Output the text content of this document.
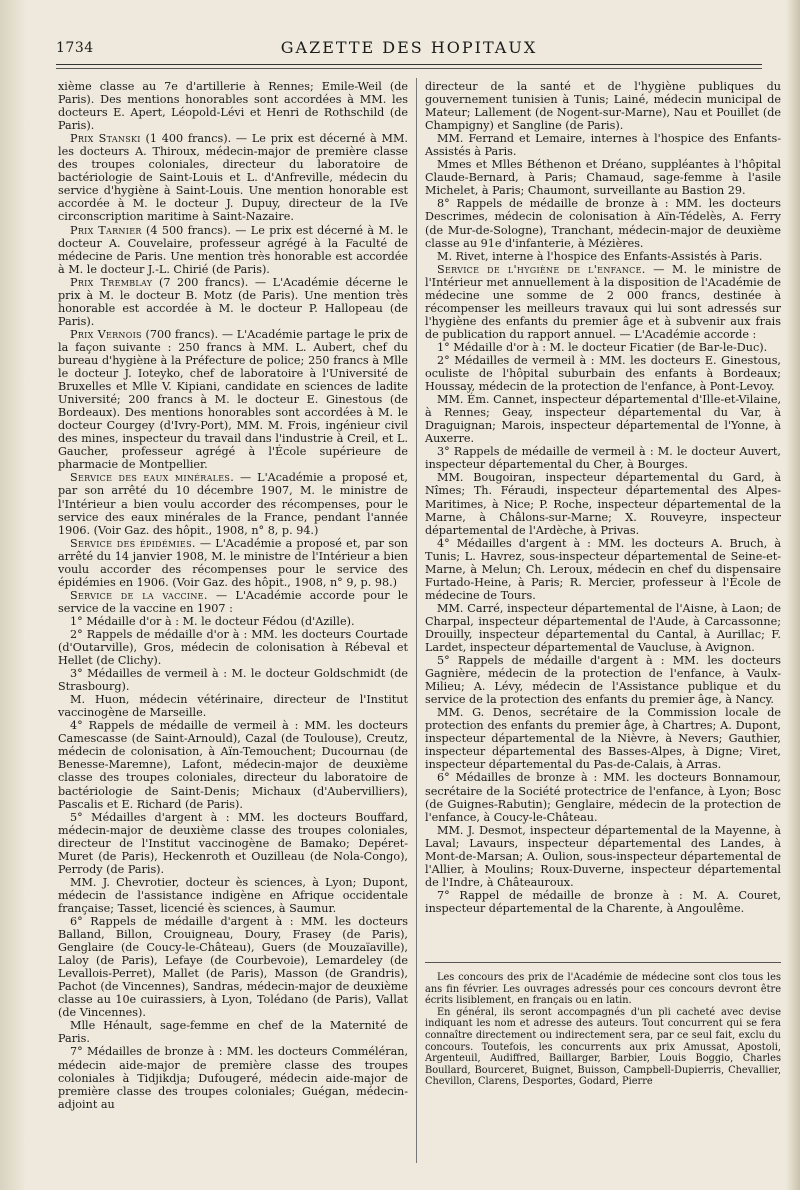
1734	GAZETTE DES HOPITAUX

xième classe au 7e d'artillerie à Rennes; Emile-Weil (de Paris). Des mentions honorables sont accordées à MM. les docteurs E. Apert, Léopold-Lévi et Henri de Rothschild (de Paris).

Prix Stanski (1 400 francs). — Le prix est décerné à MM. les docteurs A. Thiroux, médecin-major de première classe des troupes coloniales, directeur du laboratoire de bactériologie de Saint-Louis et L. d'Anfreville, médecin du service d'hygiène à Saint-Louis. Une mention honorable est accordée à M. le docteur J. Dupuy, directeur de la IVe circonscription maritime à Saint-Nazaire.

Prix Tarnier (4 500 francs). — Le prix est décerné à M. le docteur A. Couvelaire, professeur agrégé à la Faculté de médecine de Paris. Une mention très honorable est accordée à M. le docteur J.-L. Chirié (de Paris).

Prix Tremblay (7 200 francs). — L'Académie décerne le prix à M. le docteur B. Motz (de Paris). Une mention très honorable est accordée à M. le docteur P. Hallopeau (de Paris).

Prix Vernois (700 francs). — L'Académie partage le prix de la façon suivante : 250 francs à MM. L. Aubert, chef du bureau d'hygiène à la Préfecture de police; 250 francs à Mlle le docteur J. Ioteyko, chef de laboratoire à l'Université de Bruxelles et Mlle V. Kipiani, candidate en sciences de ladite Université; 200 francs à M. le docteur E. Ginestous (de Bordeaux). Des mentions honorables sont accordées à M. le docteur Courgey (d'Ivry-Port), MM. M. Frois, ingénieur civil des mines, inspecteur du travail dans l'industrie à Creil, et L. Gaucher, professeur agrégé à l'École supérieure de pharmacie de Montpellier.

Service des eaux minérales. — L'Académie a proposé et, par son arrêté du 10 décembre 1907, M. le ministre de l'Intérieur a bien voulu accorder des récompenses, pour le service des eaux minérales de la France, pendant l'année 1906. (Voir Gaz. des hôpit., 1908, n° 8, p. 94.)

Service des épidémies. — L'Académie a proposé et, par son arrêté du 14 janvier 1908, M. le ministre de l'Intérieur a bien voulu accorder des récompenses pour le service des épidémies en 1906. (Voir Gaz. des hôpit., 1908, n° 9, p. 98.)

Service de la vaccine. — L'Académie accorde pour le service de la vaccine en 1907 :

1° Médaille d'or à : M. le docteur Fédou (d'Azille).

2° Rappels de médaille d'or à : MM. les docteurs Courtade (d'Outarville), Gros, médecin de colonisation à Rébeval et Hellet (de Clichy).

3° Médailles de vermeil à : M. le docteur Goldschmidt (de Strasbourg).

M. Huon, médecin vétérinaire, directeur de l'Institut vaccinogène de Marseille.

4° Rappels de médaille de vermeil à : MM. les docteurs Camescasse (de Saint-Arnould), Cazal (de Toulouse), Creutz, médecin de colonisation, à Aïn-Temouchent; Ducournau (de Benesse-Maremne), Lafont, médecin-major de deuxième classe des troupes coloniales, directeur du laboratoire de bactériologie de Saint-Denis; Michaux (d'Aubervilliers), Pascalis et E. Richard (de Paris).

5° Médailles d'argent à : MM. les docteurs Bouffard, médecin-major de deuxième classe des troupes coloniales, directeur de l'Institut vaccinogène de Bamako; Depéret-Muret (de Paris), Heckenroth et Ouzilleau (de Nola-Congo), Perrody (de Paris).

MM. J. Chevrotier, docteur ès sciences, à Lyon; Dupont, médecin de l'assistance indigène en Afrique occidentale française; Tasset, licencié ès sciences, à Saumur.

6° Rappels de médaille d'argent à : MM. les docteurs Balland, Billon, Crouigneau, Doury, Frasey (de Paris), Genglaire (de Coucy-le-Château), Guers (de Mouzaïaville), Laloy (de Paris), Lefaye (de Courbevoie), Lemardeley (de Levallois-Perret), Mallet (de Paris), Masson (de Grandris), Pachot (de Vincennes), Sandras, médecin-major de deuxième classe au 10e cuirassiers, à Lyon, Tolédano (de Paris), Vallat (de Vincennes).

Mlle Hénault, sage-femme en chef de la Maternité de Paris.

7° Médailles de bronze à : MM. les docteurs Comméléran, médecin aide-major de première classe des troupes coloniales à Tidjikdja; Dufougeré, médecin aide-major de première classe des troupes coloniales; Guégan, médecin-adjoint au

directeur de la santé et de l'hygiène publiques du gouvernement tunisien à Tunis; Lainé, médecin municipal de Mateur; Lallement (de Nogent-sur-Marne), Nau et Pouillet (de Champigny) et Sangline (de Paris).

MM. Ferrand et Lemaire, internes à l'hospice des Enfants-Assistés à Paris.

Mmes et Mlles Béthenon et Dréano, suppléantes à l'hôpital Claude-Bernard, à Paris; Chamaud, sage-femme à l'asile Michelet, à Paris; Chaumont, surveillante au Bastion 29.

8° Rappels de médaille de bronze à : MM. les docteurs Descrimes, médecin de colonisation à Aïn-Tédelès, A. Ferry (de Mur-de-Sologne), Tranchant, médecin-major de deuxième classe au 91e d'infanterie, à Mézières.

M. Rivet, interne à l'hospice des Enfants-Assistés à Paris.

Service de l'hygiène de l'enfance. — M. le ministre de l'Intérieur met annuellement à la disposition de l'Académie de médecine une somme de 2 000 francs, destinée à récompenser les meilleurs travaux qui lui sont adressés sur l'hygiène des enfants du premier âge et à subvenir aux frais de publication du rapport annuel. — L'Académie accorde :

1° Médaille d'or à : M. le docteur Ficatier (de Bar-le-Duc).

2° Médailles de vermeil à : MM. les docteurs E. Ginestous, oculiste de l'hôpital suburbain des enfants à Bordeaux; Houssay, médecin de la protection de l'enfance, à Pont-Levoy.

MM. Ém. Cannet, inspecteur départemental d'Ille-et-Vilaine, à Rennes; Geay, inspecteur départemental du Var, à Draguignan; Marois, inspecteur départemental de l'Yonne, à Auxerre.

3° Rappels de médaille de vermeil à : M. le docteur Auvert, inspecteur départemental du Cher, à Bourges.

MM. Bougoiran, inspecteur départemental du Gard, à Nîmes; Th. Féraudi, inspecteur départemental des Alpes-Maritimes, à Nice; P. Roche, inspecteur départemental de la Marne, à Châlons-sur-Marne; X. Rouveyre, inspecteur départemental de l'Ardèche, à Privas.

4° Médailles d'argent à : MM. les docteurs A. Bruch, à Tunis; L. Havrez, sous-inspecteur départemental de Seine-et-Marne, à Melun; Ch. Leroux, médecin en chef du dispensaire Furtado-Heine, à Paris; R. Mercier, professeur à l'École de médecine de Tours.

MM. Carré, inspecteur départemental de l'Aisne, à Laon; de Charpal, inspecteur départemental de l'Aude, à Carcassonne; Drouilly, inspecteur départemental du Cantal, à Aurillac; F. Lardet, inspecteur départemental de Vaucluse, à Avignon.

5° Rappels de médaille d'argent à : MM. les docteurs Gagnière, médecin de la protection de l'enfance, à Vaulx-Milieu; A. Lévy, médecin de l'Assistance publique et du service de la protection des enfants du premier âge, à Nancy.

MM. G. Denos, secrétaire de la Commission locale de protection des enfants du premier âge, à Chartres; A. Dupont, inspecteur départemental de la Nièvre, à Nevers; Gauthier, inspecteur départemental des Basses-Alpes, à Digne; Viret, inspecteur départemental du Pas-de-Calais, à Arras.

6° Médailles de bronze à : MM. les docteurs Bonnamour, secrétaire de la Société protectrice de l'enfance, à Lyon; Bosc (de Guignes-Rabutin); Genglaire, médecin de la protection de l'enfance, à Coucy-le-Château.

MM. J. Desmot, inspecteur départemental de la Mayenne, à Laval; Lavaurs, inspecteur départemental des Landes, à Mont-de-Marsan; A. Oulion, sous-inspecteur départemental de l'Allier, à Moulins; Roux-Duverne, inspecteur départemental de l'Indre, à Châteauroux.

7° Rappel de médaille de bronze à : M. A. Couret, inspecteur départemental de la Charente, à Angoulême.

Les concours des prix de l'Académie de médecine sont clos tous les ans fin février. Les ouvrages adressés pour ces concours devront être écrits lisiblement, en français ou en latin.

En général, ils seront accompagnés d'un pli cacheté avec devise indiquant les nom et adresse des auteurs. Tout concurrent qui se fera connaître directement ou indirectement sera, par ce seul fait, exclu du concours. Toutefois, les concurrents aux prix Amussat, Apostoli, Argenteuil, Audiffred, Baillarger, Barbier, Louis Boggio, Charles Boullard, Bourceret, Buignet, Buisson, Campbell-Dupierris, Chevallier, Chevillon, Clarens, Desportes, Godard, Pierre
